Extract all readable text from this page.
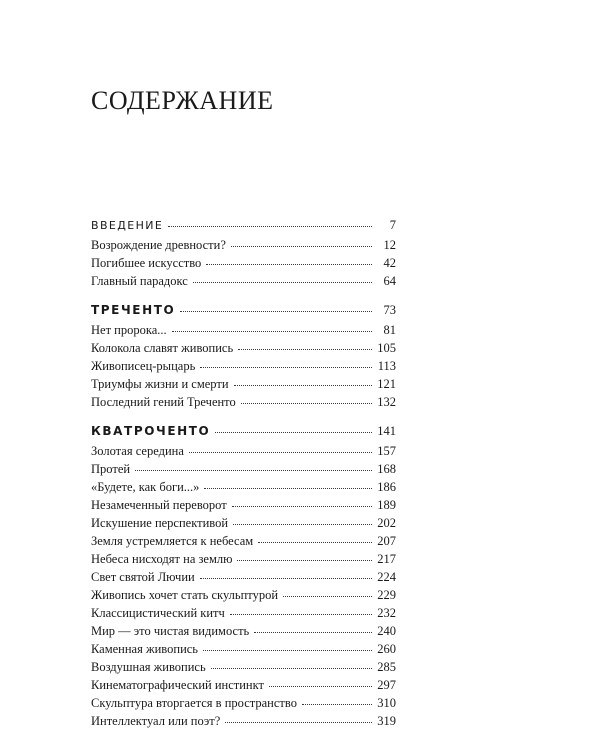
СОДЕРЖАНИЕ
ВВЕДЕНИЕ	7
Возрождение древности?	12
Погибшее искусство	42
Главный парадокс	64
ТРЕЧЕНТО	73
Нет пророка...	81
Колокола славят живопись	105
Живописец-рыцарь	113
Триумфы жизни и смерти	121
Последний гений Треченто	132
КВАТРОЧЕНТО	141
Золотая середина	157
Протей	168
«Будете, как боги...»	186
Незамеченный переворот	189
Искушение перспективой	202
Земля устремляется к небесам	207
Небеса нисходят на землю	217
Свет святой Лючии	224
Живопись хочет стать скульптурой	229
Классицистический китч	232
Мир — это чистая видимость	240
Каменная живопись	260
Воздушная живопись	285
Кинематографический инстинкт	297
Скульптура вторгается в пространство	310
Интеллектуал или поэт?	319
